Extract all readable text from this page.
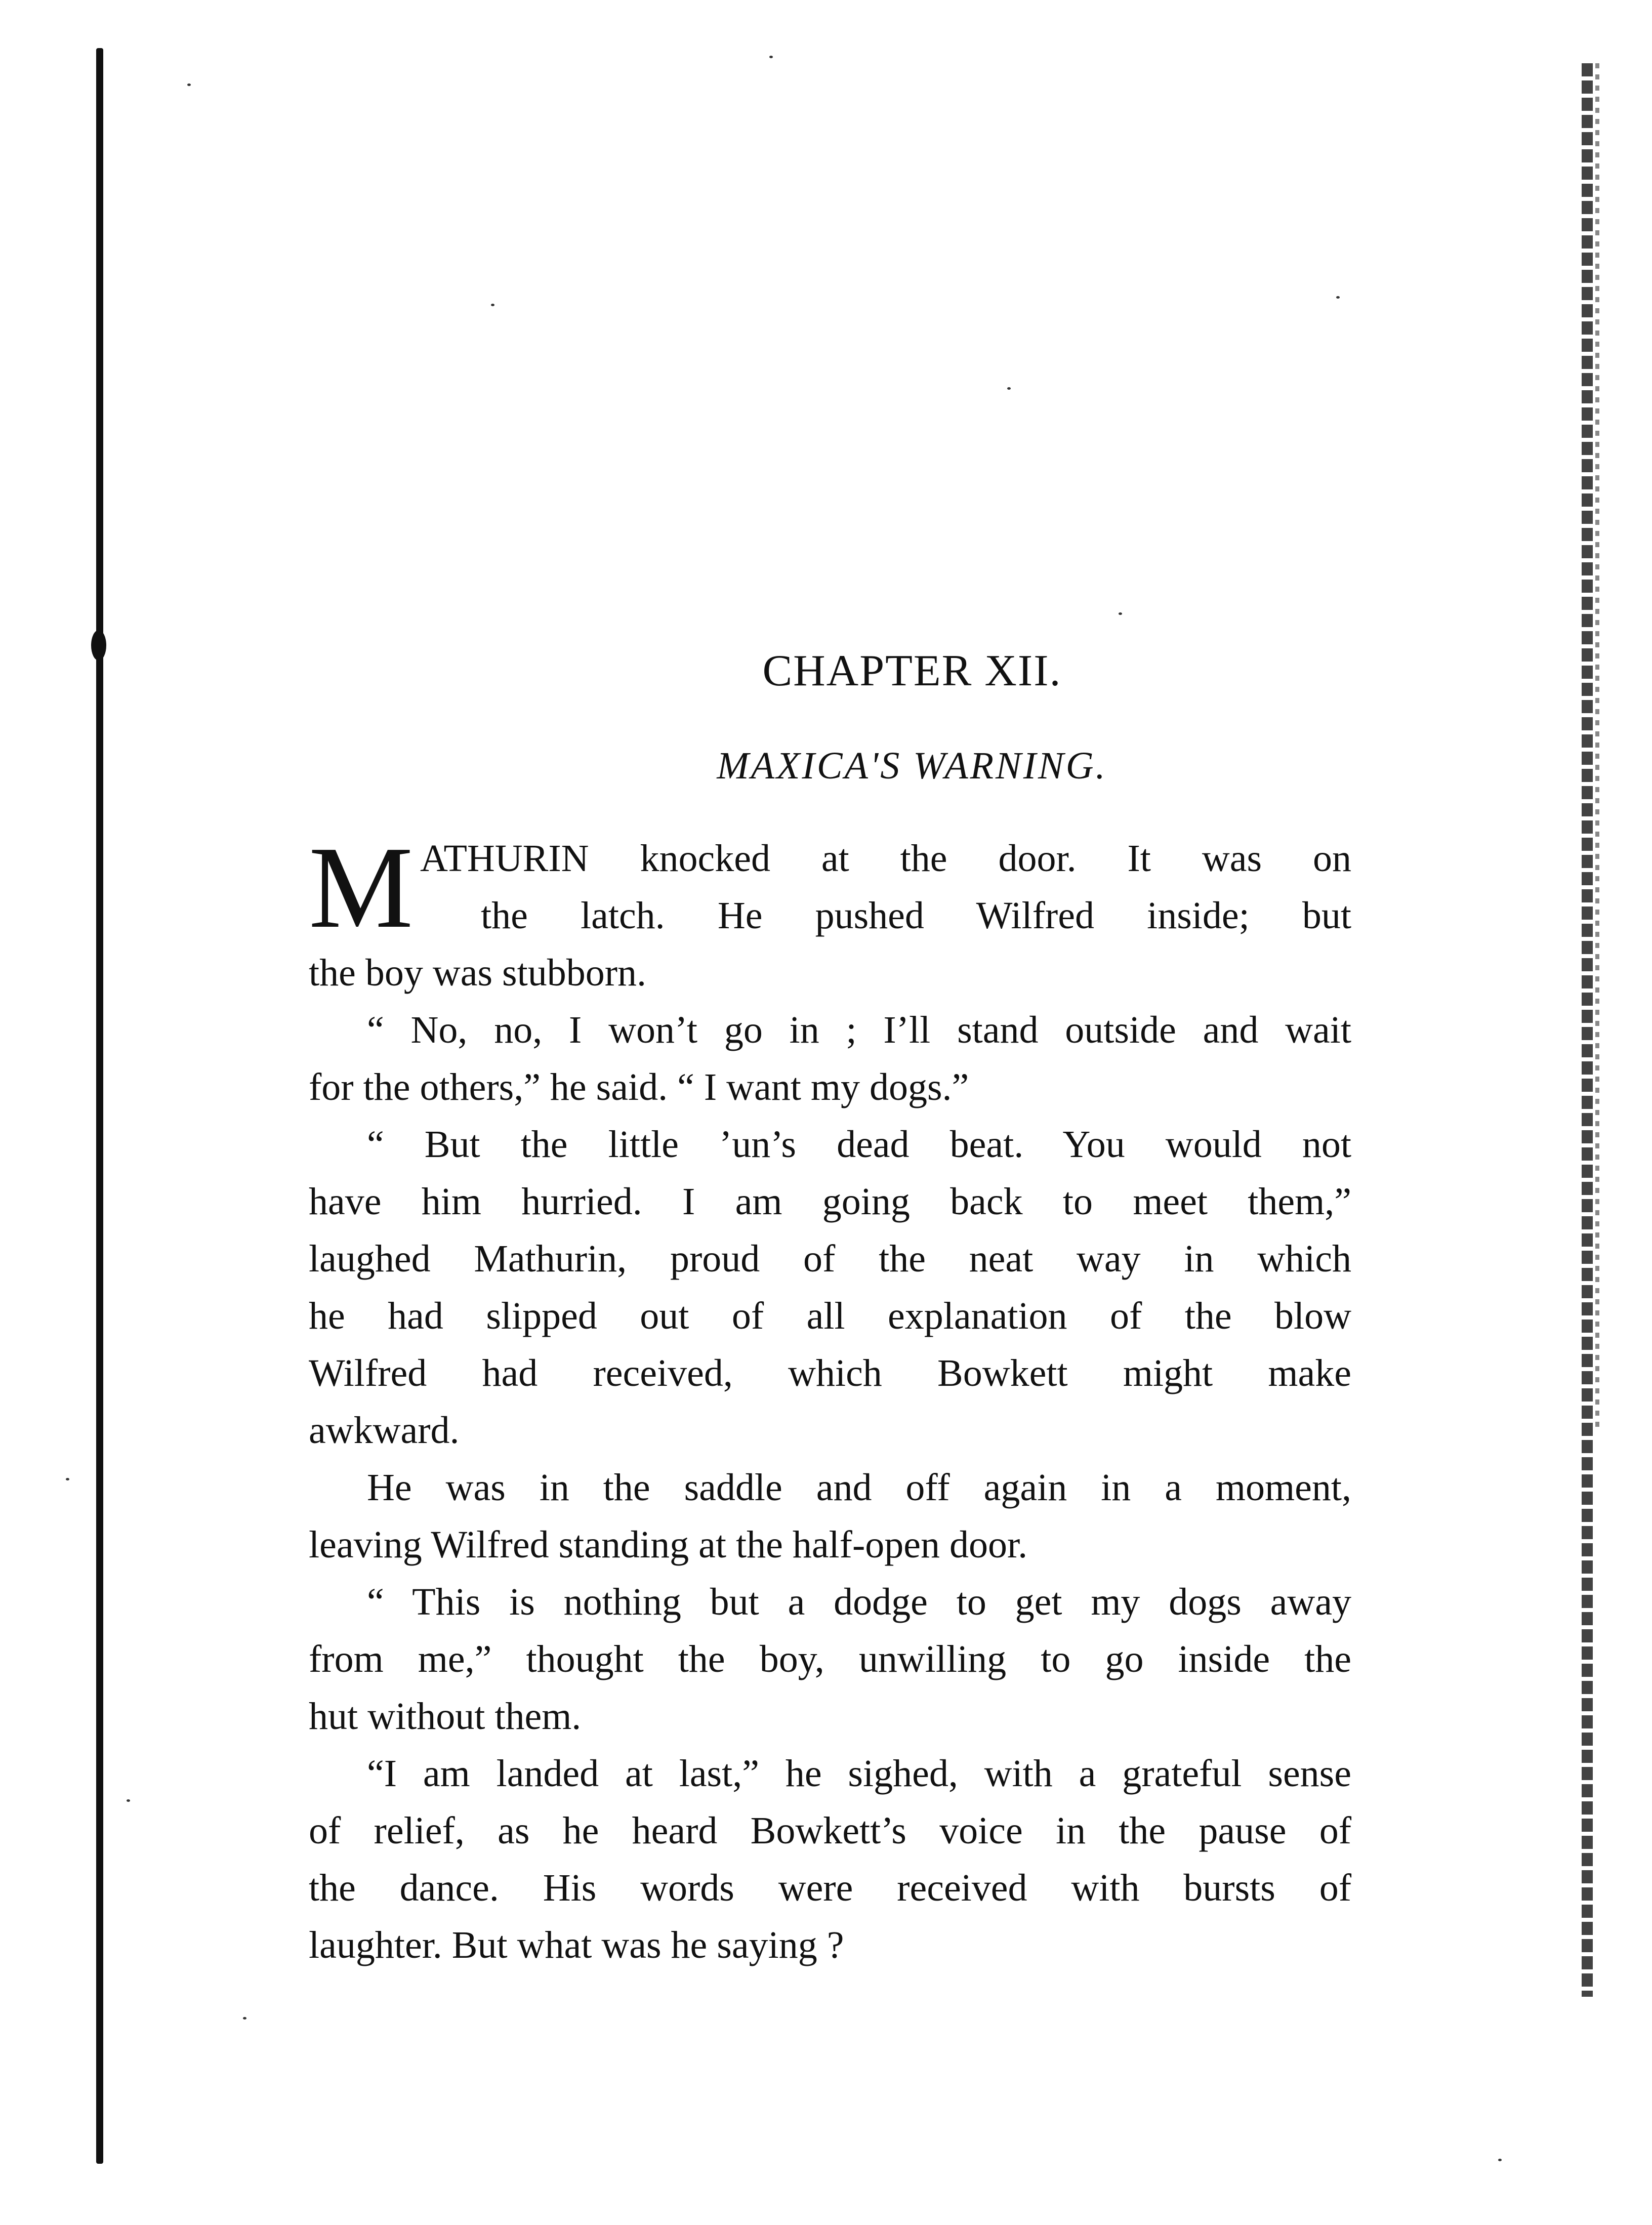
CHAPTER XII.
MAXICA'S WARNING.
M ATHURIN knocked at the door. It was on
the latch. He pushed Wilfred inside; but
the boy was stubborn.
“ No, no, I won’t go in ; I’ll stand outside and wait
for the others,” he said. “ I want my dogs.”
“ But the little ’un’s dead beat. You would not
have him hurried. I am going back to meet them,”
laughed Mathurin, proud of the neat way in which
he had slipped out of all explanation of the blow
Wilfred had received, which Bowkett might make
awkward.
He was in the saddle and off again in a moment,
leaving Wilfred standing at the half-open door.
“ This is nothing but a dodge to get my dogs away
from me,” thought the boy, unwilling to go inside the
hut without them.
“I am landed at last,” he sighed, with a grateful sense
of relief, as he heard Bowkett’s voice in the pause of
the dance. His words were received with bursts of
laughter. But what was he saying ?
